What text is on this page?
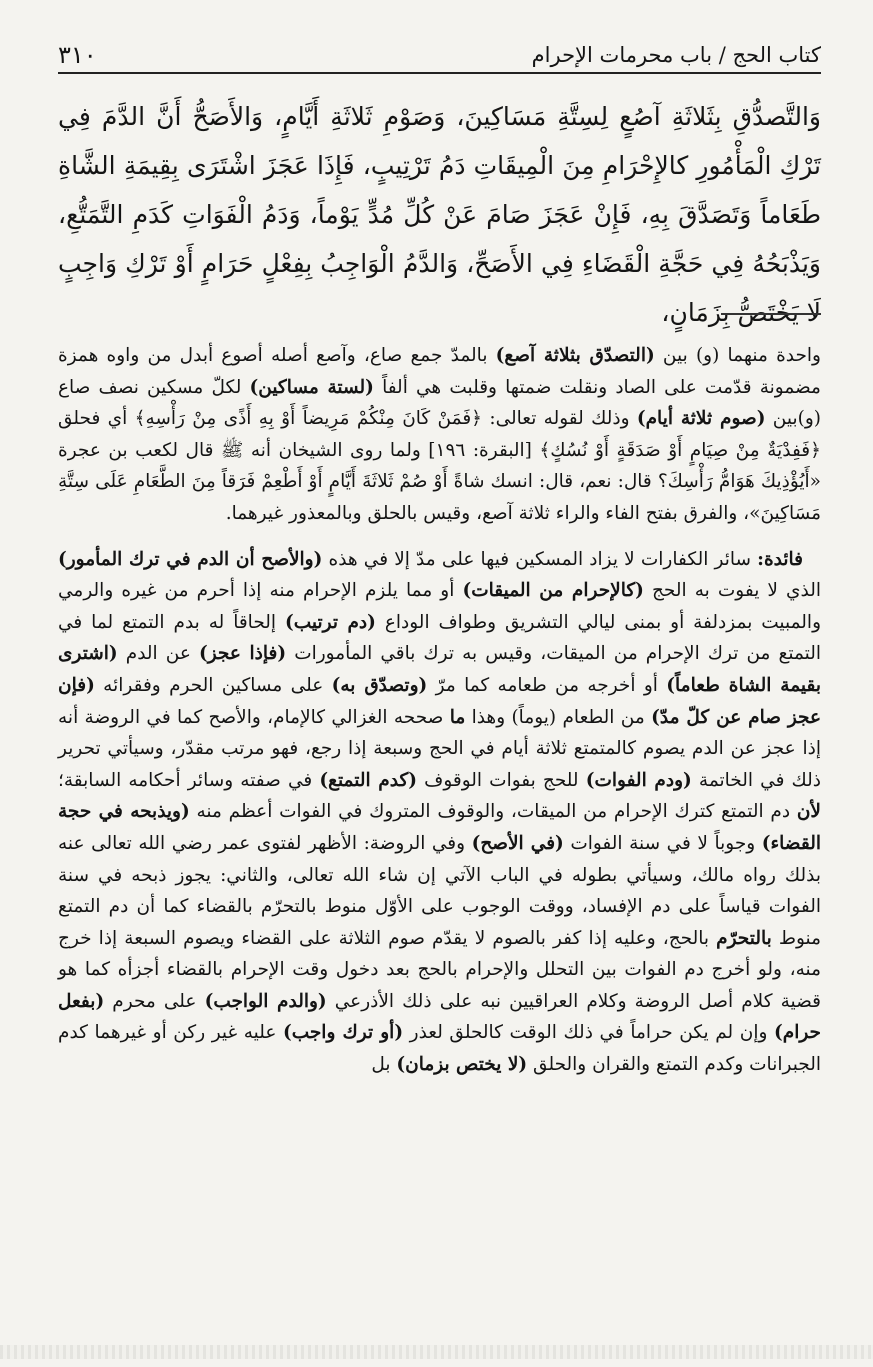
كتاب الحج / باب محرمات الإحرام
٣١٠

وَالتَّصدُّقِ بِثَلاثَةِ آصُعٍ لِسِتَّةِ مَسَاكِينَ، وَصَوْمِ ثَلاثَةِ أَيَّامٍ، وَالأَصَحُّ أَنَّ الدَّمَ فِي تَرْكِ الْمَأْمُورِ كالإِحْرَامِ مِنَ الْمِيقَاتِ دَمُ تَرْتِيبٍ، فَإِذَا عَجَزَ اشْتَرَى بِقِيمَةِ الشَّاةِ طَعَاماً وَتَصَدَّقَ بِهِ، فَإِنْ عَجَزَ صَامَ عَنْ كُلِّ مُدٍّ يَوْماً، وَدَمُ الْفَوَاتِ كَدَمِ التَّمَتُّعِ، وَيَذْبَحُهُ فِي حَجَّةِ الْقَضَاءِ فِي الأَصَحِّ، وَالدَّمُ الْوَاجِبُ بِفِعْلٍ حَرَامٍ أَوْ تَرْكِ وَاجِبٍ لَا يَخْتَصُّ بِزَمَانٍ،

واحدة منهما (و) بين (التصدّق بثلاثة آصع) بالمدّ جمع صاع، وآصع أصله أصوع أبدل من واوه همزة مضمونة قدّمت على الصاد ونقلت ضمتها وقلبت هي ألفاً (لستة مساكين) لكلّ مسكين نصف صاع (و)بين (صوم ثلاثة أيام) وذلك لقوله تعالى: ﴿فَمَنْ كَانَ مِنْكُمْ مَرِيضاً أَوْ بِهِ أَذًى مِنْ رَأْسِهِ﴾ أي فحلق ﴿فَفِدْيَةٌ مِنْ صِيَامٍ أَوْ صَدَقَةٍ أَوْ نُسُكٍ﴾ [البقرة: ١٩٦] ولما روى الشيخان أنه ﷺ قال لكعب بن عجرة «أَيُؤْذِيكَ هَوَامُّ رَأْسِكَ؟ قال: نعم، قال: انسك شاةً أَوْ صُمْ ثَلاثَةَ أَيَّامٍ أَوْ أَطْعِمْ فَرَقاً مِنَ الطَّعَامِ عَلَى سِتَّةِ مَسَاكِينَ»، والفرق بفتح الفاء والراء ثلاثة آصع، وقيس بالحلق وبالمعذور غيرهما.

فائدة: سائر الكفارات لا يزاد المسكين فيها على مدّ إلا في هذه (والأصح أن الدم في ترك المأمور) الذي لا يفوت به الحج (كالإحرام من الميقات) أو مما يلزم الإحرام منه إذا أحرم من غيره والرمي والمبيت بمزدلفة أو بمنى ليالي التشريق وطواف الوداع (دم ترتيب) إلحاقاً له بدم التمتع لما في التمتع من ترك الإحرام من الميقات، وقيس به ترك باقي المأمورات (فإذا عجز) عن الدم (اشترى بقيمة الشاة طعاماً) أو أخرجه من طعامه كما مرّ (وتصدّق به) على مساكين الحرم وفقرائه (فإن عجز صام عن كلّ مدّ) من الطعام (يوماً) وهذا ما صححه الغزالي كالإمام، والأصح كما في الروضة أنه إذا عجز عن الدم يصوم كالمتمتع ثلاثة أيام في الحج وسبعة إذا رجع، فهو مرتب مقدّر، وسيأتي تحرير ذلك في الخاتمة (ودم الفوات) للحج بفوات الوقوف (كدم التمتع) في صفته وسائر أحكامه السابقة؛ لأن دم التمتع كترك الإحرام من الميقات، والوقوف المتروك في الفوات أعظم منه (ويذبحه في حجة القضاء) وجوباً لا في سنة الفوات (في الأصح) وفي الروضة: الأظهر لفتوى عمر رضي الله تعالى عنه بذلك رواه مالك، وسيأتي بطوله في الباب الآتي إن شاء الله تعالى، والثاني: يجوز ذبحه في سنة الفوات قياساً على دم الإفساد، ووقت الوجوب على الأوّل منوط بالتحرّم بالقضاء كما أن دم التمتع منوط بالتحرّم بالحج، وعليه إذا كفر بالصوم لا يقدّم صوم الثلاثة على القضاء ويصوم السبعة إذا خرج منه، ولو أخرج دم الفوات بين التحلل والإحرام بالحج بعد دخول وقت الإحرام بالقضاء أجزأه كما هو قضية كلام أصل الروضة وكلام العراقيين نبه على ذلك الأذرعي (والدم الواجب) على محرم (بفعل حرام) وإن لم يكن حراماً في ذلك الوقت كالحلق لعذر (أو ترك واجب) عليه غير ركن أو غيرهما كدم الجبرانات وكدم التمتع والقران والحلق (لا يختص بزمان) بل
